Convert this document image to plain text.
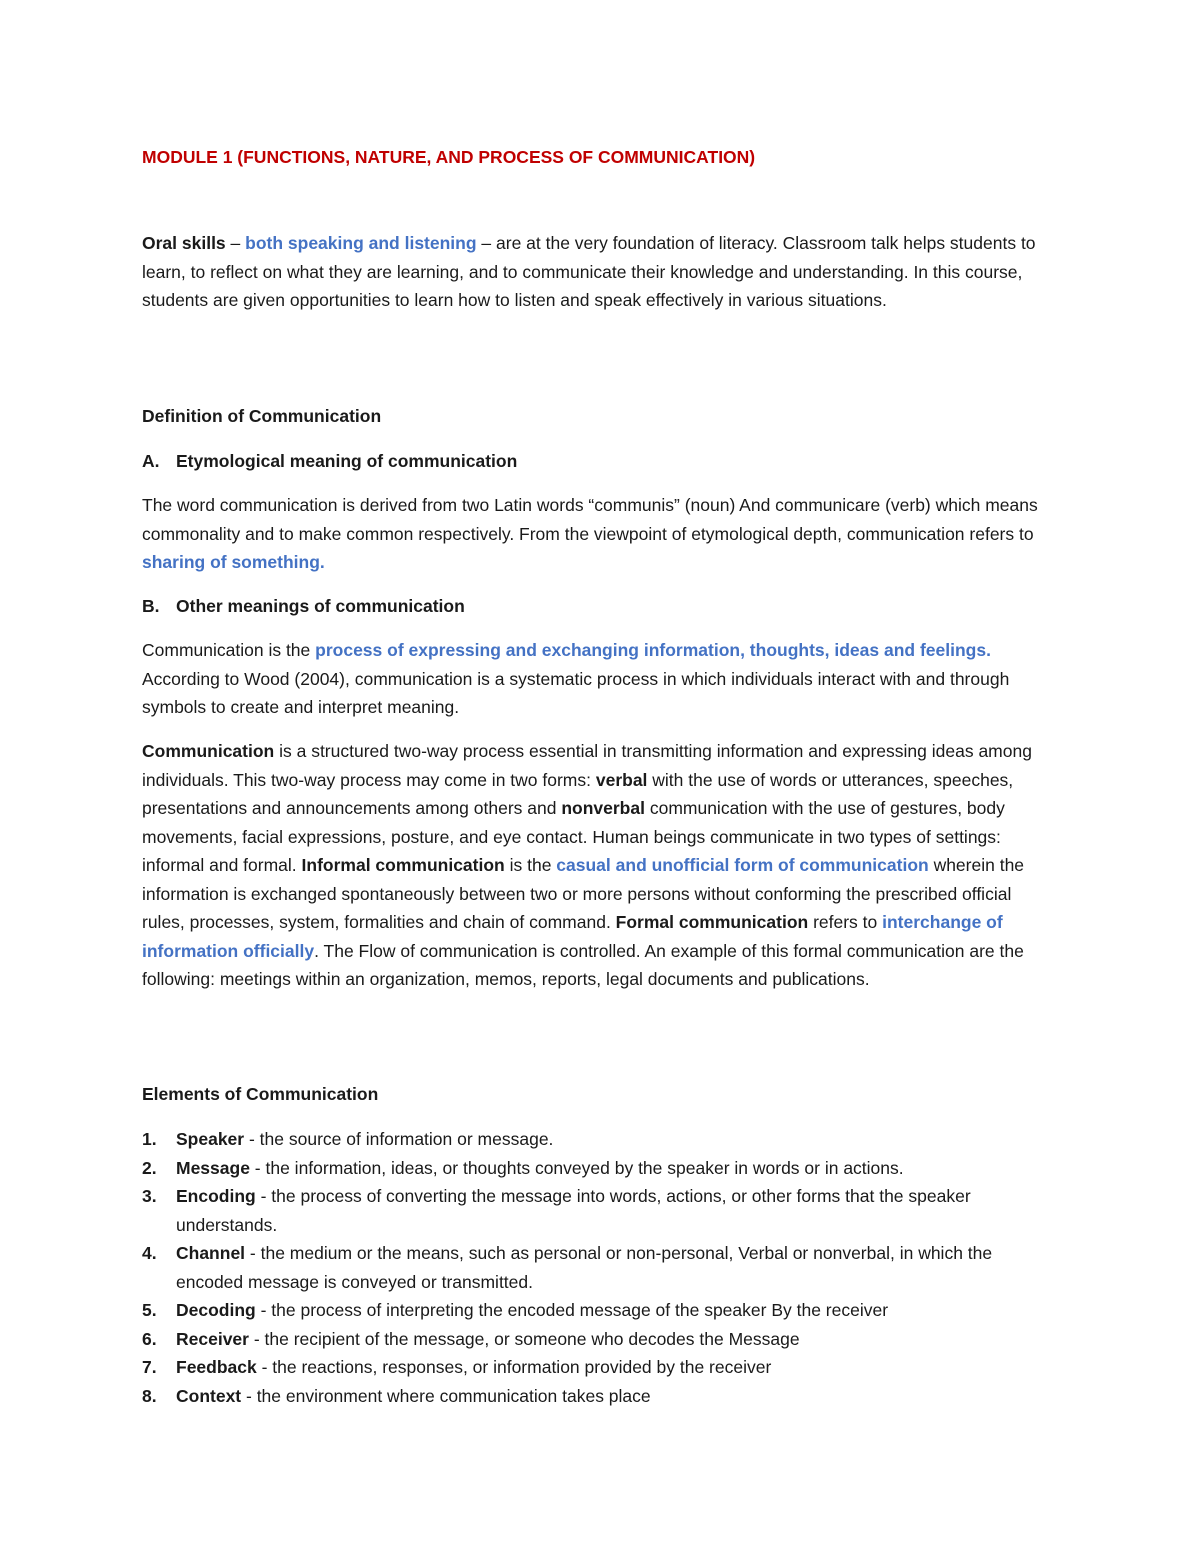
MODULE 1 (FUNCTIONS, NATURE, AND PROCESS OF COMMUNICATION)
Oral skills – both speaking and listening – are at the very foundation of literacy. Classroom talk helps students to learn, to reflect on what they are learning, and to communicate their knowledge and understanding. In this course, students are given opportunities to learn how to listen and speak effectively in various situations.
Definition of Communication
A. Etymological meaning of communication
The word communication is derived from two Latin words “communis” (noun) And communicare (verb) which means commonality and to make common respectively. From the viewpoint of etymological depth, communication refers to sharing of something.
B. Other meanings of communication
Communication is the process of expressing and exchanging information, thoughts, ideas and feelings. According to Wood (2004), communication is a systematic process in which individuals interact with and through symbols to create and interpret meaning.
Communication is a structured two-way process essential in transmitting information and expressing ideas among individuals. This two-way process may come in two forms: verbal with the use of words or utterances, speeches, presentations and announcements among others and nonverbal communication with the use of gestures, body movements, facial expressions, posture, and eye contact. Human beings communicate in two types of settings: informal and formal. Informal communication is the casual and unofficial form of communication wherein the information is exchanged spontaneously between two or more persons without conforming the prescribed official rules, processes, system, formalities and chain of command. Formal communication refers to interchange of information officially. The Flow of communication is controlled. An example of this formal communication are the following: meetings within an organization, memos, reports, legal documents and publications.
Elements of Communication
1. Speaker - the source of information or message.
2. Message - the information, ideas, or thoughts conveyed by the speaker in words or in actions.
3. Encoding - the process of converting the message into words, actions, or other forms that the speaker understands.
4. Channel - the medium or the means, such as personal or non-personal, Verbal or nonverbal, in which the encoded message is conveyed or transmitted.
5. Decoding - the process of interpreting the encoded message of the speaker By the receiver
6. Receiver - the recipient of the message, or someone who decodes the Message
7. Feedback - the reactions, responses, or information provided by the receiver
8. Context - the environment where communication takes place
